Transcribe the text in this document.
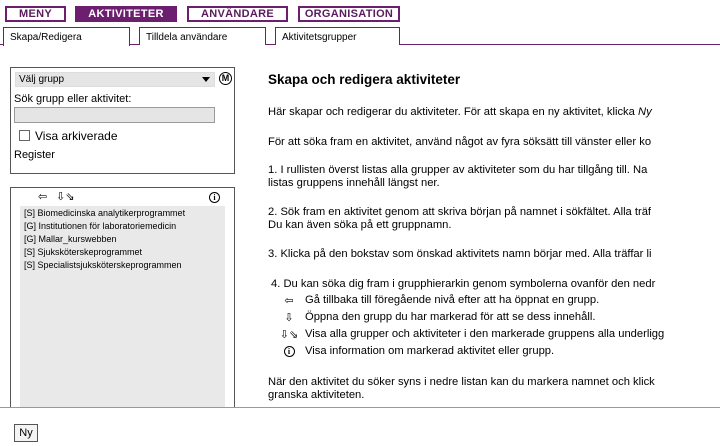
MENY	AKTIVITETER	ANVÄNDARE	ORGANISATION
Skapa/Redigera	Tilldela användare	Aktivitetsgrupper
Välj grupp	M
Sök grupp eller aktivitet:
Visa arkiverade
Register
⇦ ⇩⇘	i
[S] Biomedicinska analytikerprogrammet
[G] Institutionen för laboratoriemedicin
[G] Mallar_kurswebben
[S] Sjuksköterskeprogrammet
[S] Specialistsjuksköterskeprogrammen
Skapa och redigera aktiviteter
Här skapar och redigerar du aktiviteter. För att skapa en ny aktivitet, klicka Ny
För att söka fram en aktivitet, använd något av fyra söksätt till vänster eller ko
1. I rullisten överst listas alla grupper av aktiviteter som du har tillgång till. Na
listas gruppens innehåll längst ner.
2. Sök fram en aktivitet genom att skriva början på namnet i sökfältet. Alla träf
Du kan även söka på ett gruppnamn.
3. Klicka på den bokstav som önskad aktivitets namn börjar med. Alla träffar li
4. Du kan söka dig fram i grupphierarkin genom symbolerna ovanför den nedr
⇦ Gå tillbaka till föregående nivå efter att ha öppnat en grupp.
⇩ Öppna den grupp du har markerad för att se dess innehåll.
⇩⇘ Visa alla grupper och aktiviteter i den markerade gruppens alla underligg
i Visa information om markerad aktivitet eller grupp.
När den aktivitet du söker syns i nedre listan kan du markera namnet och klick
granska aktiviteten.
Ny
